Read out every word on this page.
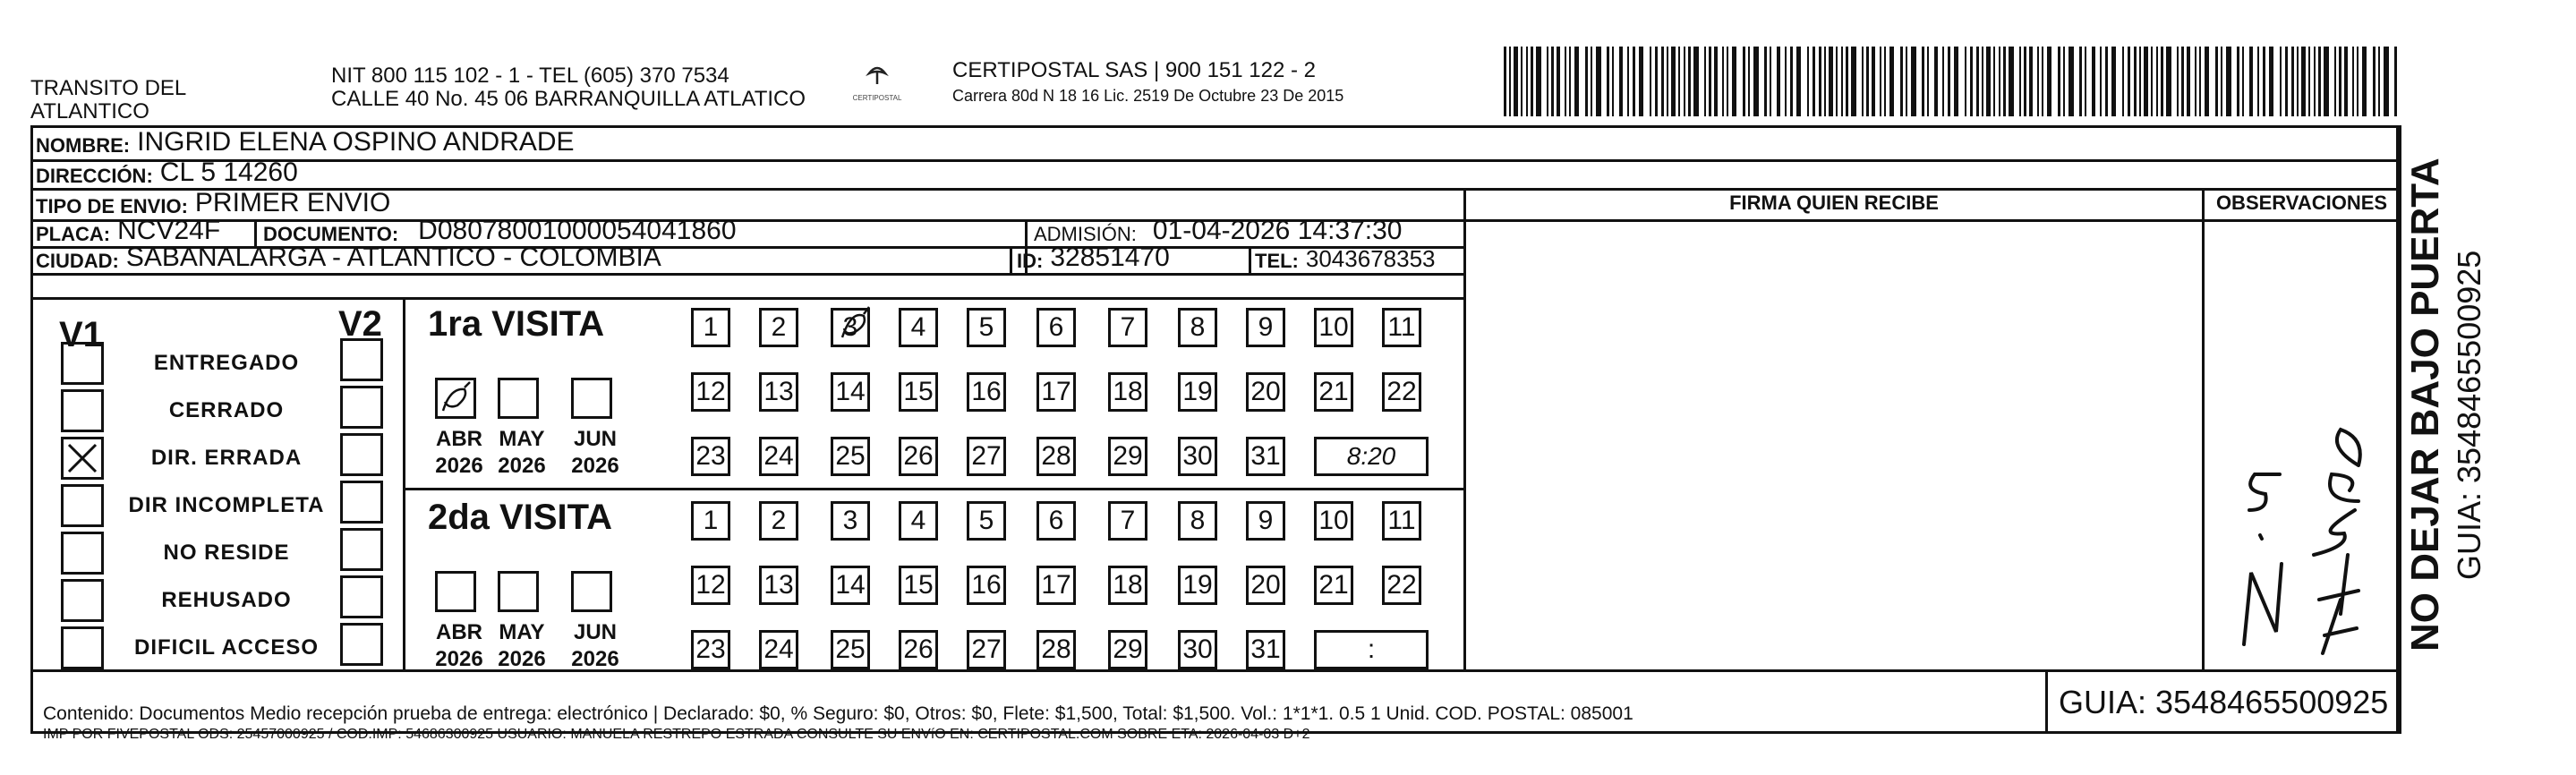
TRANSITO DEL
ATLANTICO
NIT 800 115 102 - 1 - TEL (605) 370 7534
CALLE 40 No. 45 06 BARRANQUILLA ATLATICO	CERTIPOSTAL
CERTIPOSTAL SAS | 900 151 122 - 2
Carrera 80d N 18 16 Lic. 2519 De Octubre 23 De 2015
NOMBRE: INGRID ELENA OSPINO ANDRADE
DIRECCIÓN: CL 5 14260
TIPO DE ENVIO: PRIMER ENVIO	FIRMA QUIEN RECIBE	OBSERVACIONES
PLACA: NCV24F DOCUMENTO: D08078001000054041860	ADMISIÓN: 01-04-2026 14:37:30
CIUDAD: SABANALARGA - ATLANTICO - COLOMBIA	ID: 32851470	TEL: 3043678353
V1	V2
ENTREGADO
CERRADO
DIR. ERRADA
DIR INCOMPLETA
NO RESIDE
REHUSADO
DIFICIL ACCESO
1ra VISITA
ABR
2026
MAY
2026
JUN
2026
1	2	3	4	5	6	7	8	9	10 11
12 13 14 15 16 17 18 19 20 21 22
23 24 25 26 27 28 29 30 31	8:20
2da VISITA
ABR
2026
MAY
2026
JUN
2026
1	2	3	4	5	6	7	8	9	10 11
12 13 14 15 16 17 18 19 20 21 22
23 24 25 26 27 28 29 30 31	:	NO DEJAR BAJO PUERTA GUIA: 3548465500925
Contenido: Documentos Medio recepción prueba de entrega: electrónico | Declarado: $0, % Seguro: $0, Otros: $0, Flete: $1,500, Total: $1,500. Vol.: 1*1*1. 0.5 1 Unid. COD. POSTAL: 085001
IMP POR FIVEPOSTAL ODS: 25457000925 / COD.IMP: 54686300925 USUARIO: MANUELA RESTREPO ESTRADA CONSULTE SU ENVíO EN: CERTIPOSTAL.COM SOBRE ETA: 2026-04-03 D+2
GUIA: 3548465500925
